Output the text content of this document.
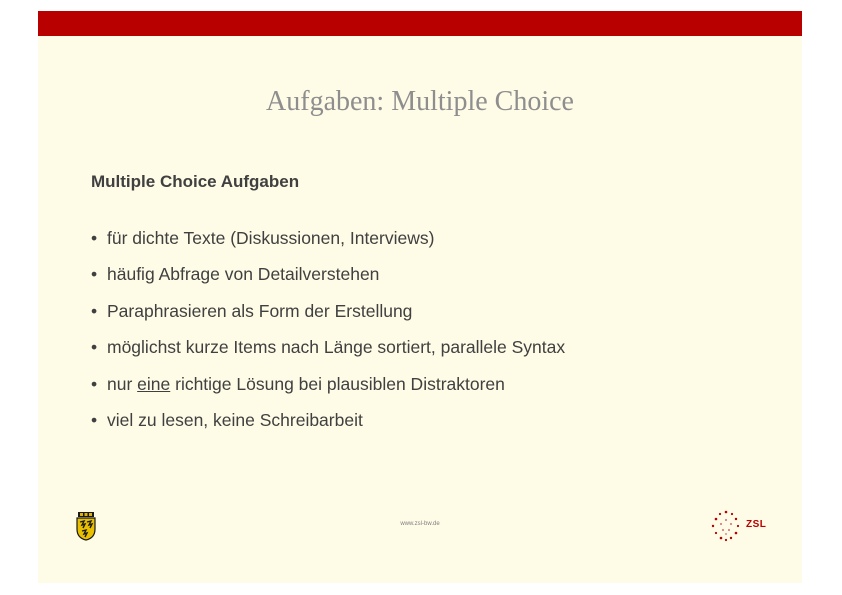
Aufgaben: Multiple Choice
Multiple Choice Aufgaben
• für dichte Texte (Diskussionen, Interviews)
• häufig Abfrage von Detailverstehen
• Paraphrasieren als Form der Erstellung
• möglichst kurze Items nach Länge sortiert, parallele Syntax
• nur eine richtige Lösung bei plausiblen Distraktoren
• viel zu lesen, keine Schreibarbeit
www.zsl-bw.de	ZSL
